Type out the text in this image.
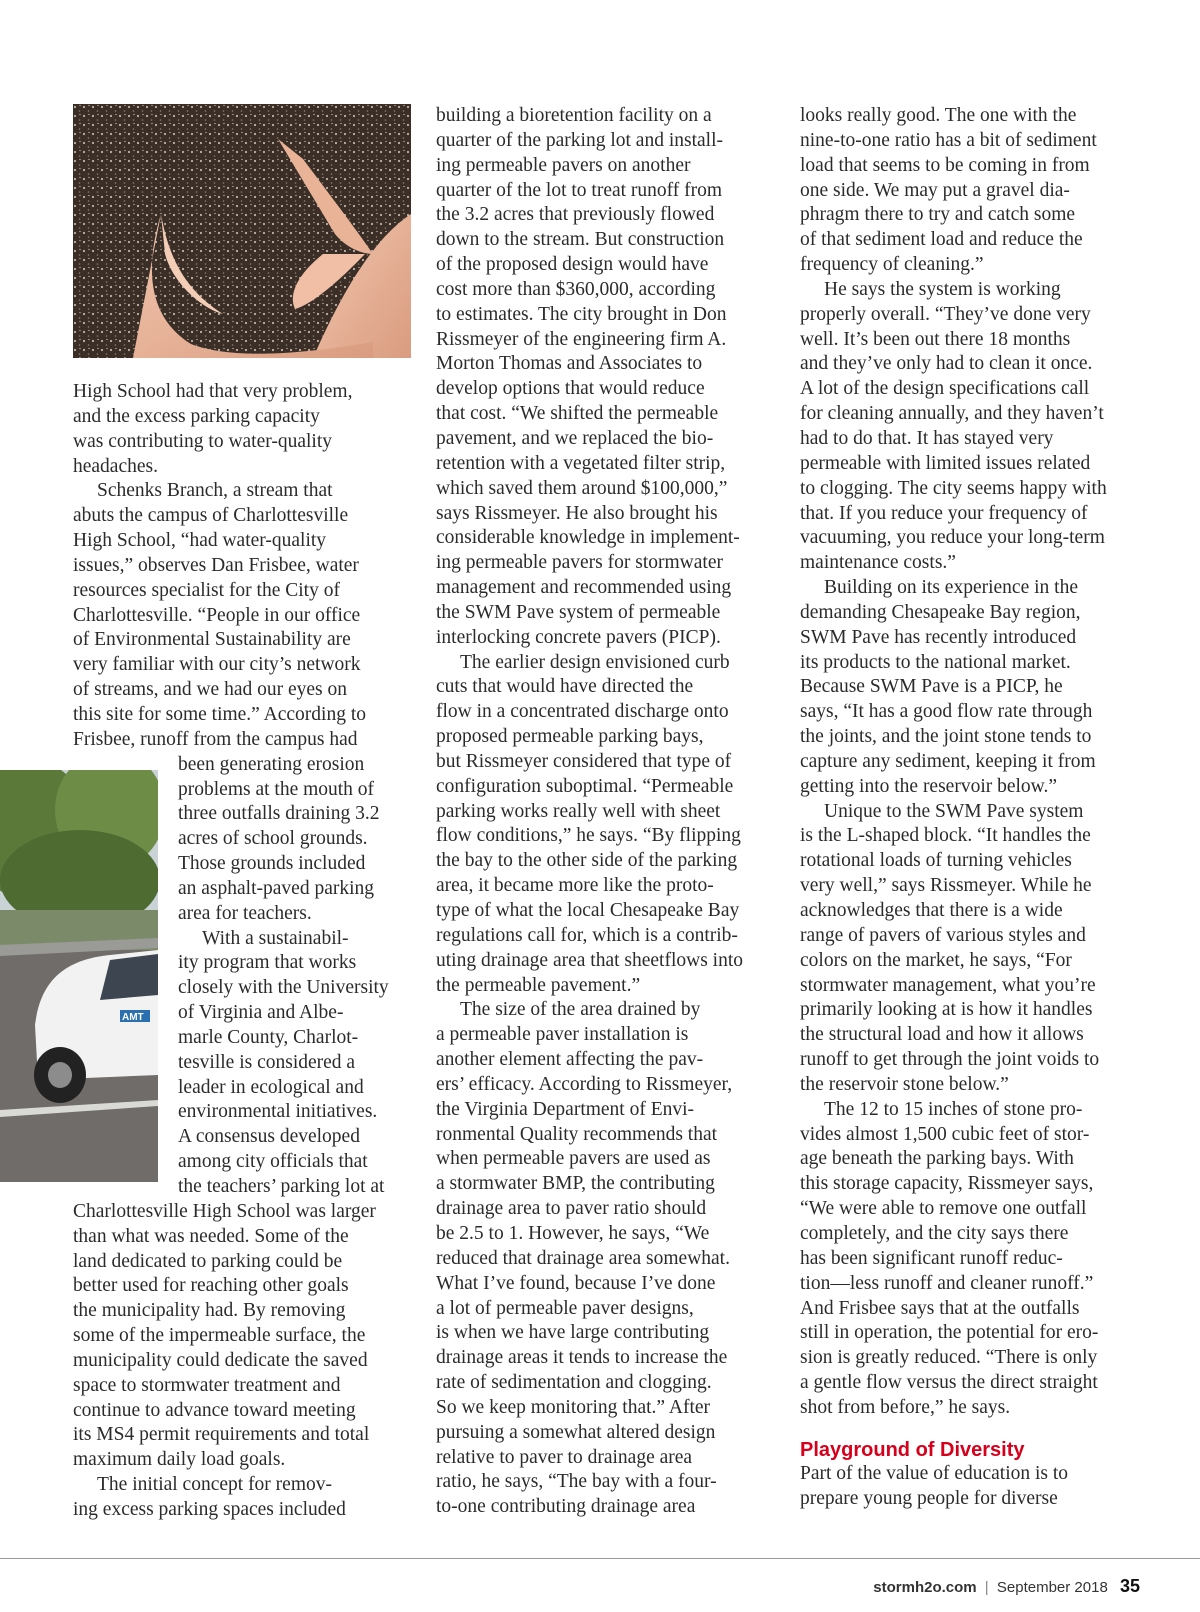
AMT

High School had that very problem,
and the excess parking capacity
was contributing to water-quality
headaches.

Schenks Branch, a stream that
abuts the campus of Charlottesville
High School, “had water-quality
issues,” observes Dan Frisbee, water
resources specialist for the City of
Charlottesville. “People in our office
of Environmental Sustainability are
very familiar with our city’s network
of streams, and we had our eyes on
this site for some time.” According to
Frisbee, runoff from the campus had
been generating erosion
problems at the mouth of
three outfalls draining 3.2
acres of school grounds.
Those grounds included
an asphalt-paved parking
area for teachers.

With a sustainabil-
ity program that works
closely with the University
of Virginia and Albe-
marle County, Charlot-
tesville is considered a
leader in ecological and
environmental initiatives.
A consensus developed
among city officials that
the teachers’ parking lot at
Charlottesville High School was larger
than what was needed. Some of the
land dedicated to parking could be
better used for reaching other goals
the municipality had. By removing
some of the impermeable surface, the
municipality could dedicate the saved
space to stormwater treatment and
continue to advance toward meeting
its MS4 permit requirements and total
maximum daily load goals.

The initial concept for remov-
ing excess parking spaces included

building a bioretention facility on a
quarter of the parking lot and install-
ing permeable pavers on another
quarter of the lot to treat runoff from
the 3.2 acres that previously flowed
down to the stream. But construction
of the proposed design would have
cost more than $360,000, according
to estimates. The city brought in Don
Rissmeyer of the engineering firm A.
Morton Thomas and Associates to
develop options that would reduce
that cost. “We shifted the permeable
pavement, and we replaced the bio-
retention with a vegetated filter strip,
which saved them around $100,000,”
says Rissmeyer. He also brought his
considerable knowledge in implement-
ing permeable pavers for stormwater
management and recommended using
the SWM Pave system of permeable
interlocking concrete pavers (PICP).

The earlier design envisioned curb
cuts that would have directed the
flow in a concentrated discharge onto
proposed permeable parking bays,
but Rissmeyer considered that type of
configuration suboptimal. “Permeable
parking works really well with sheet
flow conditions,” he says. “By flipping
the bay to the other side of the parking
area, it became more like the proto-
type of what the local Chesapeake Bay
regulations call for, which is a contrib-
uting drainage area that sheetflows into
the permeable pavement.”

The size of the area drained by
a permeable paver installation is
another element affecting the pav-
ers’ efficacy. According to Rissmeyer,
the Virginia Department of Envi-
ronmental Quality recommends that
when permeable pavers are used as
a stormwater BMP, the contributing
drainage area to paver ratio should
be 2.5 to 1. However, he says, “We
reduced that drainage area somewhat.
What I’ve found, because I’ve done
a lot of permeable paver designs,
is when we have large contributing
drainage areas it tends to increase the
rate of sedimentation and clogging.
So we keep monitoring that.” After
pursuing a somewhat altered design
relative to paver to drainage area
ratio, he says, “The bay with a four-
to-one contributing drainage area

looks really good. The one with the
nine-to-one ratio has a bit of sediment
load that seems to be coming in from
one side. We may put a gravel dia-
phragm there to try and catch some
of that sediment load and reduce the
frequency of cleaning.”

He says the system is working
properly overall. “They’ve done very
well. It’s been out there 18 months
and they’ve only had to clean it once.
A lot of the design specifications call
for cleaning annually, and they haven’t
had to do that. It has stayed very
permeable with limited issues related
to clogging. The city seems happy with
that. If you reduce your frequency of
vacuuming, you reduce your long-term
maintenance costs.”

Building on its experience in the
demanding Chesapeake Bay region,
SWM Pave has recently introduced
its products to the national market.
Because SWM Pave is a PICP, he
says, “It has a good flow rate through
the joints, and the joint stone tends to
capture any sediment, keeping it from
getting into the reservoir below.”

Unique to the SWM Pave system
is the L-shaped block. “It handles the
rotational loads of turning vehicles
very well,” says Rissmeyer. While he
acknowledges that there is a wide
range of pavers of various styles and
colors on the market, he says, “For
stormwater management, what you’re
primarily looking at is how it handles
the structural load and how it allows
runoff to get through the joint voids to
the reservoir stone below.”

The 12 to 15 inches of stone pro-
vides almost 1,500 cubic feet of stor-
age beneath the parking bays. With
this storage capacity, Rissmeyer says,
“We were able to remove one outfall
completely, and the city says there
has been significant runoff reduc-
tion—less runoff and cleaner runoff.”
And Frisbee says that at the outfalls
still in operation, the potential for ero-
sion is greatly reduced. “There is only
a gentle flow versus the direct straight
shot from before,” he says.

Playground of Diversity

Part of the value of education is to
prepare young people for diverse

stormh2o.com | September 2018 35
